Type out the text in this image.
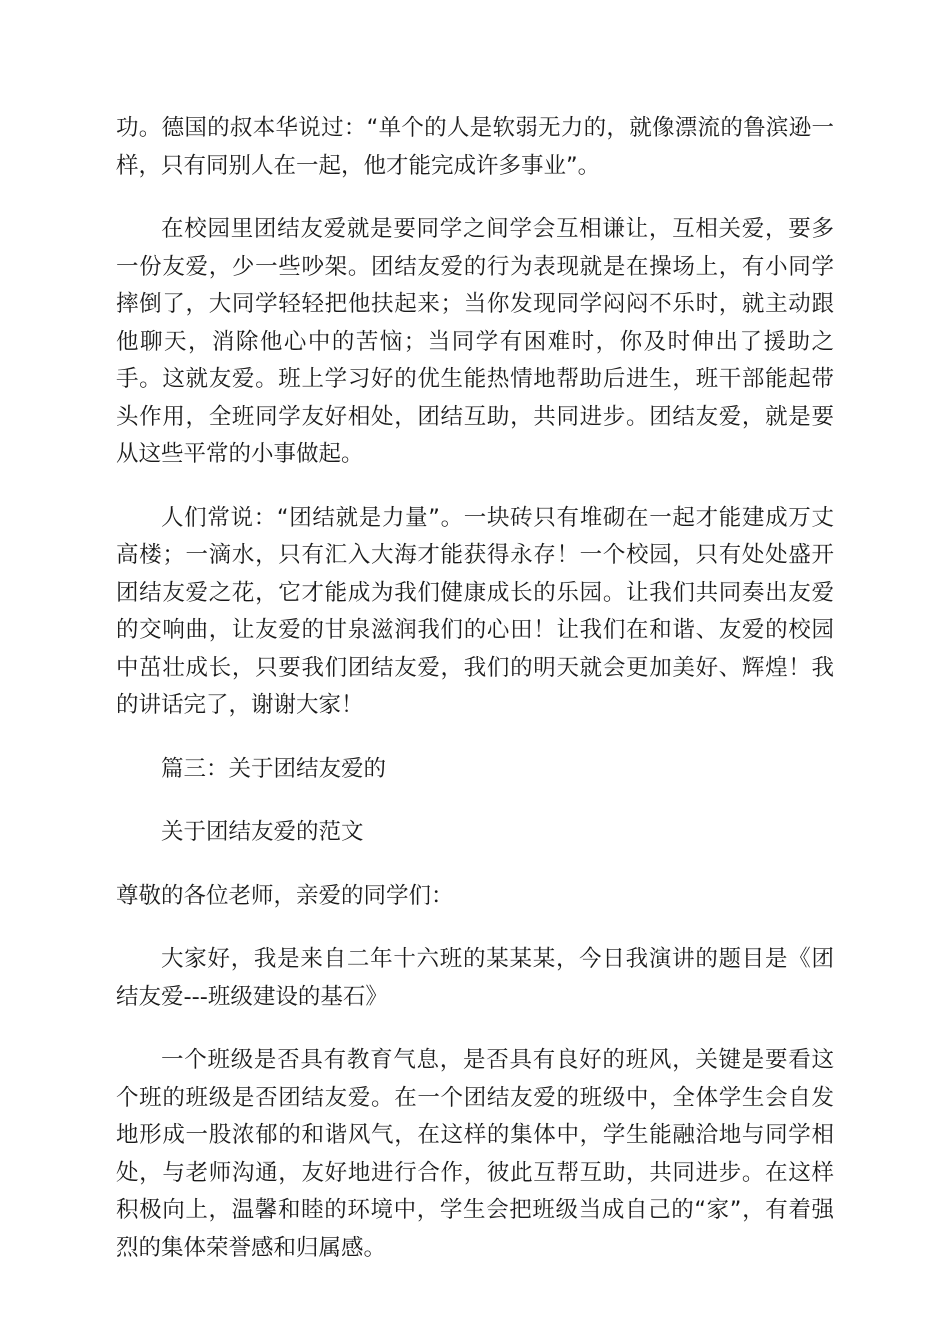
功。德国的叔本华说过：“单个的人是软弱无力的，就像漂流的鲁滨逊一样，只有同别人在一起，他才能完成许多事业”。

在校园里团结友爱就是要同学之间学会互相谦让，互相关爱，要多一份友爱，少一些吵架。团结友爱的行为表现就是在操场上，有小同学摔倒了，大同学轻轻把他扶起来；当你发现同学闷闷不乐时，就主动跟他聊天，消除他心中的苦恼；当同学有困难时，你及时伸出了援助之手。这就友爱。班上学习好的优生能热情地帮助后进生，班干部能起带头作用，全班同学友好相处，团结互助，共同进步。团结友爱，就是要从这些平常的小事做起。

人们常说：“团结就是力量”。一块砖只有堆砌在一起才能建成万丈高楼；一滴水，只有汇入大海才能获得永存！一个校园，只有处处盛开团结友爱之花，它才能成为我们健康成长的乐园。让我们共同奏出友爱的交响曲，让友爱的甘泉滋润我们的心田！让我们在和谐、友爱的校园中茁壮成长，只要我们团结友爱，我们的明天就会更加美好、辉煌！我的讲话完了，谢谢大家！

篇三：关于团结友爱的

关于团结友爱的范文

尊敬的各位老师，亲爱的同学们：

大家好，我是来自二年十六班的某某某，今日我演讲的题目是《团结友爱---班级建设的基石》

一个班级是否具有教育气息，是否具有良好的班风，关键是要看这个班的班级是否团结友爱。在一个团结友爱的班级中，全体学生会自发地形成一股浓郁的和谐风气，在这样的集体中，学生能融洽地与同学相处，与老师沟通，友好地进行合作，彼此互帮互助，共同进步。在这样积极向上，温馨和睦的环境中，学生会把班级当成自己的“家”，有着强烈的集体荣誉感和归属感。
